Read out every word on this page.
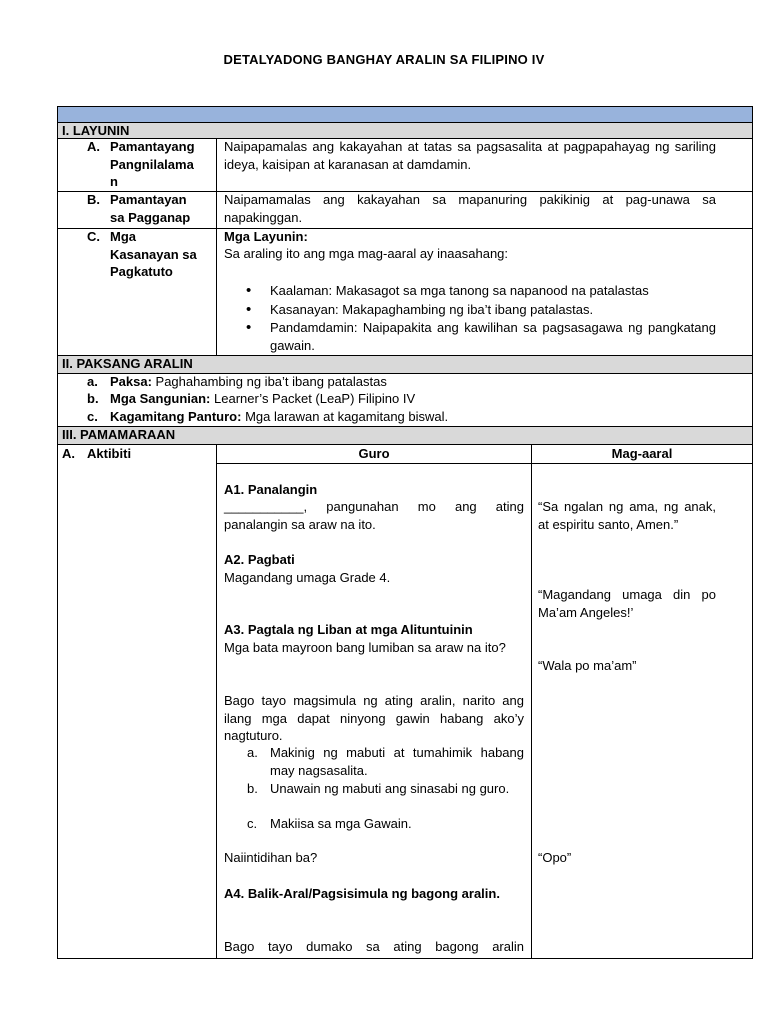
DETALYADONG BANGHAY ARALIN SA FILIPINO IV
I. LAYUNIN
A. Pamantayang
Pangnilalama
n
Naipapamalas ang kakayahan at tatas sa pagsasalita at pagpapahayag ng sariling ideya, kaisipan at karanasan at damdamin.
B. Pamantayan
sa Pagganap
Naipamamalas ang kakayahan sa mapanuring pakikinig at pag-unawa sa napakinggan.
C. Mga
Kasanayan sa
Pagkatuto
Mga Layunin:
Sa araling ito ang mga mag-aaral ay inaasahang:
• Kaalaman: Makasagot sa mga tanong sa napanood na patalastas
• Kasanayan: Makapaghambing ng iba’t ibang patalastas.
• Pandamdamin: Naipapakita ang kawilihan sa pagsasagawa ng pangkatang gawain.
II. PAKSANG ARALIN
a. Paksa: Paghahambing ng iba’t ibang patalastas
b. Mga Sangunian: Learner’s Packet (LeaP) Filipino IV
c. Kagamitang Panturo: Mga larawan at kagamitang biswal.
III. PAMAMARAAN
A. Aktibiti	Guro	Mag-aaral
A1. Panalangin
___________, pangunahan mo ang ating panalangin sa araw na ito.
A2. Pagbati
Magandang umaga Grade 4.
A3. Pagtala ng Liban at mga Alituntuinin
Mga bata mayroon bang lumiban sa araw na ito?
Bago tayo magsimula ng ating aralin, narito ang ilang mga dapat ninyong gawin habang ako’y nagtuturo.
a. Makinig ng mabuti at tumahimik habang may nagsasalita.
b. Unawain ng mabuti ang sinasabi ng guro.
c. Makiisa sa mga Gawain.
Naiintidihan ba?
A4. Balik-Aral/Pagsisimula ng bagong aralin.
Bago tayo dumako sa ating bagong aralin
“Sa ngalan ng ama, ng anak, at espiritu santo, Amen.”
“Magandang umaga din po Ma’am Angeles!’
“Wala po ma’am”
“Opo”
